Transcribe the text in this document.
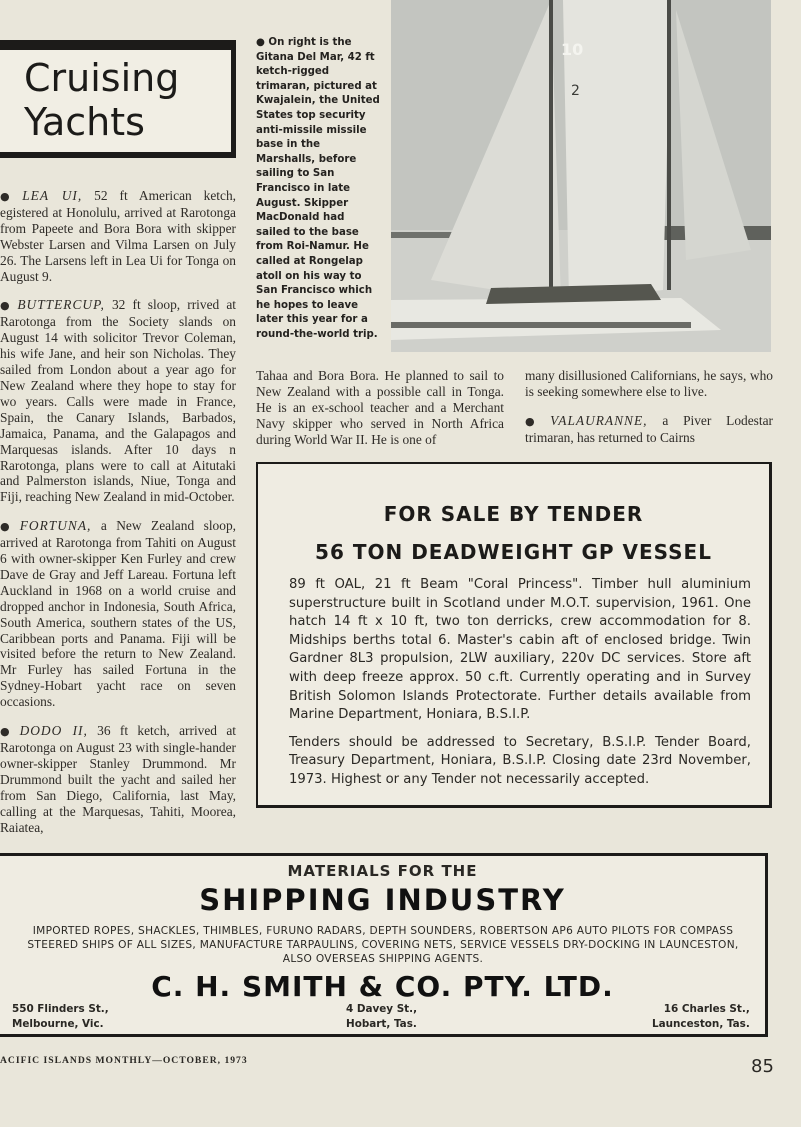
Cruising
Yachts

● LEA UI, 52 ft American ketch, egistered at Honolulu, arrived at Rarotonga from Papeete and Bora Bora with skipper Webster Larsen and Vilma Larsen on July 26. The Larsens left in Lea Ui for Tonga on August 9.

● BUTTERCUP, 32 ft sloop, rrived at Rarotonga from the Society slands on August 14 with solicitor Trevor Coleman, his wife Jane, and heir son Nicholas. They sailed from London about a year ago for New Zealand where they hope to stay for wo years. Calls were made in France, Spain, the Canary Islands, Barbados, Jamaica, Panama, and the Galapagos and Marquesas islands. After 10 days n Rarotonga, plans were to call at Aitutaki and Palmerston islands, Niue, Tonga and Fiji, reaching New Zealand in mid-October.

● FORTUNA, a New Zealand sloop, arrived at Rarotonga from Tahiti on August 6 with owner-skipper Ken Furley and crew Dave de Gray and Jeff Lareau. Fortuna left Auckland in 1968 on a world cruise and dropped anchor in Indonesia, South Africa, South America, southern states of the US, Caribbean ports and Panama. Fiji will be visited before the return to New Zealand. Mr Furley has sailed Fortuna in the Sydney-Hobart yacht race on seven occasions.

● DODO II, 36 ft ketch, arrived at Rarotonga on August 23 with single-hander owner-skipper Stanley Drummond. Mr Drummond built the yacht and sailed her from San Diego, California, last May, calling at the Marquesas, Tahiti, Moorea, Raiatea,

● On right is the Gitana Del Mar, 42 ft ketch-rigged trimaran, pictured at Kwajalein, the United States top security anti-missile missile base in the Marshalls, before sailing to San Francisco in late August. Skipper MacDonald had sailed to the base from Roi-Namur. He called at Rongelap atoll on his way to San Francisco which he hopes to leave later this year for a round-the-world trip.
2
10

Tahaa and Bora Bora. He planned to sail to New Zealand with a possible call in Tonga. He is an ex-school teacher and a Merchant Navy skipper who served in North Africa during World War II. He is one of

many disillusioned Californians, he says, who is seeking somewhere else to live.

● VALAURANNE, a Piver Lodestar trimaran, has returned to Cairns

FOR SALE BY TENDER
56 TON DEADWEIGHT GP VESSEL

89 ft OAL, 21 ft Beam "Coral Princess". Timber hull aluminium superstructure built in Scotland under M.O.T. supervision, 1961. One hatch 14 ft x 10 ft, two ton derricks, crew accommodation for 8. Midships berths total 6. Master's cabin aft of enclosed bridge. Twin Gardner 8L3 propulsion, 2LW auxiliary, 220v DC services. Store aft with deep freeze approx. 50 c.ft. Currently operating and in Survey British Solomon Islands Protectorate. Further details available from Marine Department, Honiara, B.S.I.P.

Tenders should be addressed to Secretary, B.S.I.P. Tender Board, Treasury Department, Honiara, B.S.I.P. Closing date 23rd November, 1973. Highest or any Tender not necessarily accepted.

MATERIALS FOR THE
SHIPPING INDUSTRY
IMPORTED ROPES, SHACKLES, THIMBLES, FURUNO RADARS, DEPTH SOUNDERS, ROBERTSON AP6 AUTO PILOTS FOR COMPASS STEERED SHIPS OF ALL SIZES, MANUFACTURE TARPAULINS, COVERING NETS, SERVICE VESSELS DRY-DOCKING IN LAUNCESTON, ALSO OVERSEAS SHIPPING AGENTS.
C. H. SMITH & CO. PTY. LTD.
550 Flinders St.,
Melbourne, Vic.
4 Davey St.,
Hobart, Tas.
16 Charles St.,
Launceston, Tas.
ACIFIC ISLANDS MONTHLY—OCTOBER, 1973	85
